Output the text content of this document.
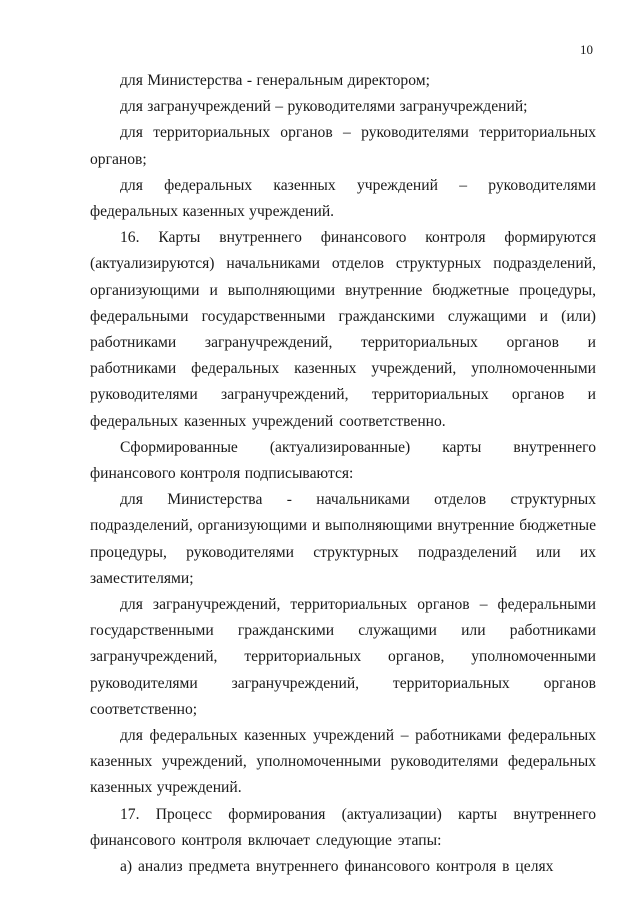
10

для Министерства - генеральным директором;

для загранучреждений – руководителями загранучреждений;

для территориальных органов – руководителями территориальных органов;

для федеральных казенных учреждений – руководителями федеральных казенных учреждений.

16. Карты внутреннего финансового контроля формируются (актуализируются) начальниками отделов структурных подразделений, организующими и выполняющими внутренние бюджетные процедуры, федеральными государственными гражданскими служащими и (или) работниками загранучреждений, территориальных органов и работниками федеральных казенных учреждений, уполномоченными руководителями загранучреждений, территориальных органов и федеральных казенных учреждений соответственно.

Сформированные (актуализированные) карты внутреннего финансового контроля подписываются:

для Министерства - начальниками отделов структурных подразделений, организующими и выполняющими внутренние бюджетные процедуры, руководителями структурных подразделений или их заместителями;

для загранучреждений, территориальных органов – федеральными государственными гражданскими служащими или работниками загранучреждений, территориальных органов, уполномоченными руководителями загранучреждений, территориальных органов соответственно;

для федеральных казенных учреждений – работниками федеральных казенных учреждений, уполномоченными руководителями федеральных казенных учреждений.

17. Процесс формирования (актуализации) карты внутреннего финансового контроля включает следующие этапы:

а) анализ предмета внутреннего финансового контроля в целях
